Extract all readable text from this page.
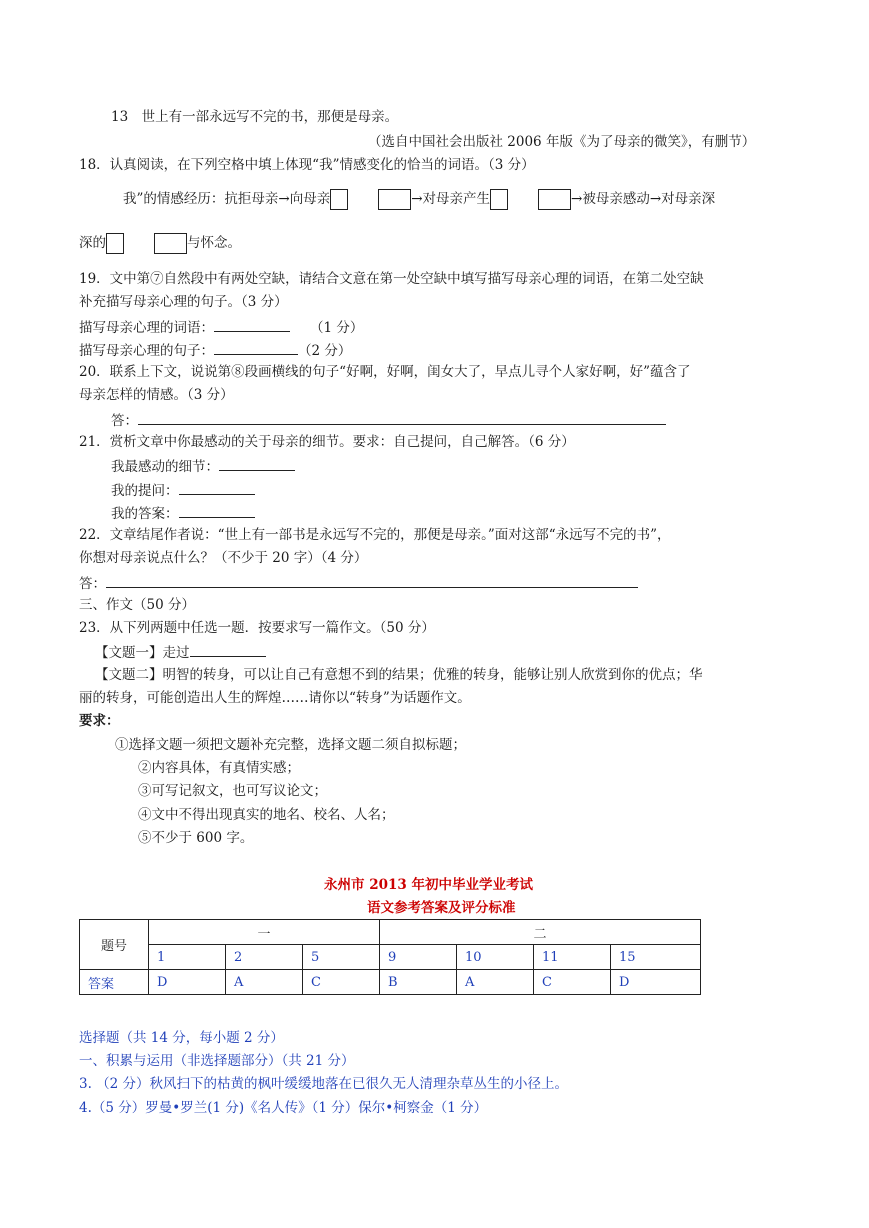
13　世上有一部永远写不完的书，那便是母亲。
（选自中国社会出版社 2006 年版《为了母亲的微笑》，有删节）
18．认真阅读，在下列空格中填上体现“我”情感变化的恰当的词语。（3 分）
我”的情感经历：抗拒母亲→向母亲	→对母亲产生	→被母亲感动→对母亲深
深的	与怀念。
19．文中第⑦自然段中有两处空缺，请结合文意在第一处空缺中填写描写母亲心理的词语，在第二处空缺
补充描写母亲心理的句子。（3 分）
描写母亲心理的词语：	（1 分）
描写母亲心理的句子：	（2 分）
20．联系上下文，说说第⑧段画横线的句子“好啊，好啊，闺女大了，早点儿寻个人家好啊，好”蕴含了
母亲怎样的情感。（3 分）
答：
21．赏析文章中你最感动的关于母亲的细节。要求：自己提问，自己解答。（6 分）
我最感动的细节：
我的提问：
我的答案：
22．文章结尾作者说：“世上有一部书是永远写不完的，那便是母亲。”面对这部“永远写不完的书”，
你想对母亲说点什么？（不少于 20 字）（4 分）
答：
三、作文（50 分）
23．从下列两题中任选一题．按要求写一篇作文。（50 分）
【文题一】走过
【文题二】明智的转身，可以让自己有意想不到的结果；优雅的转身，能够让别人欣赏到你的优点；华
丽的转身，可能创造出人生的辉煌……请你以“转身”为话题作文。
要求：
①选择文题一须把文题补充完整，选择文题二须自拟标题；
②内容具体，有真情实感；
③可写记叙文，也可写议论文；
④文中不得出现真实的地名、校名、人名；
⑤不少于 600 字。
永州市 2013 年初中毕业学业考试
语文参考答案及评分标准
题号	一			二			
	1	2	5	9	10	11	15
答案	D	A	C	B	A	C	D
选择题（共 14 分，每小题 2 分）
一、积累与运用（非选择题部分）（共 21 分）
3. （2 分）秋风扫下的枯黄的枫叶缓缓地落在已很久无人清理杂草丛生的小径上。
4.（5 分）罗曼•罗兰(1 分)《名人传》（1 分）保尔•柯察金（1 分）
